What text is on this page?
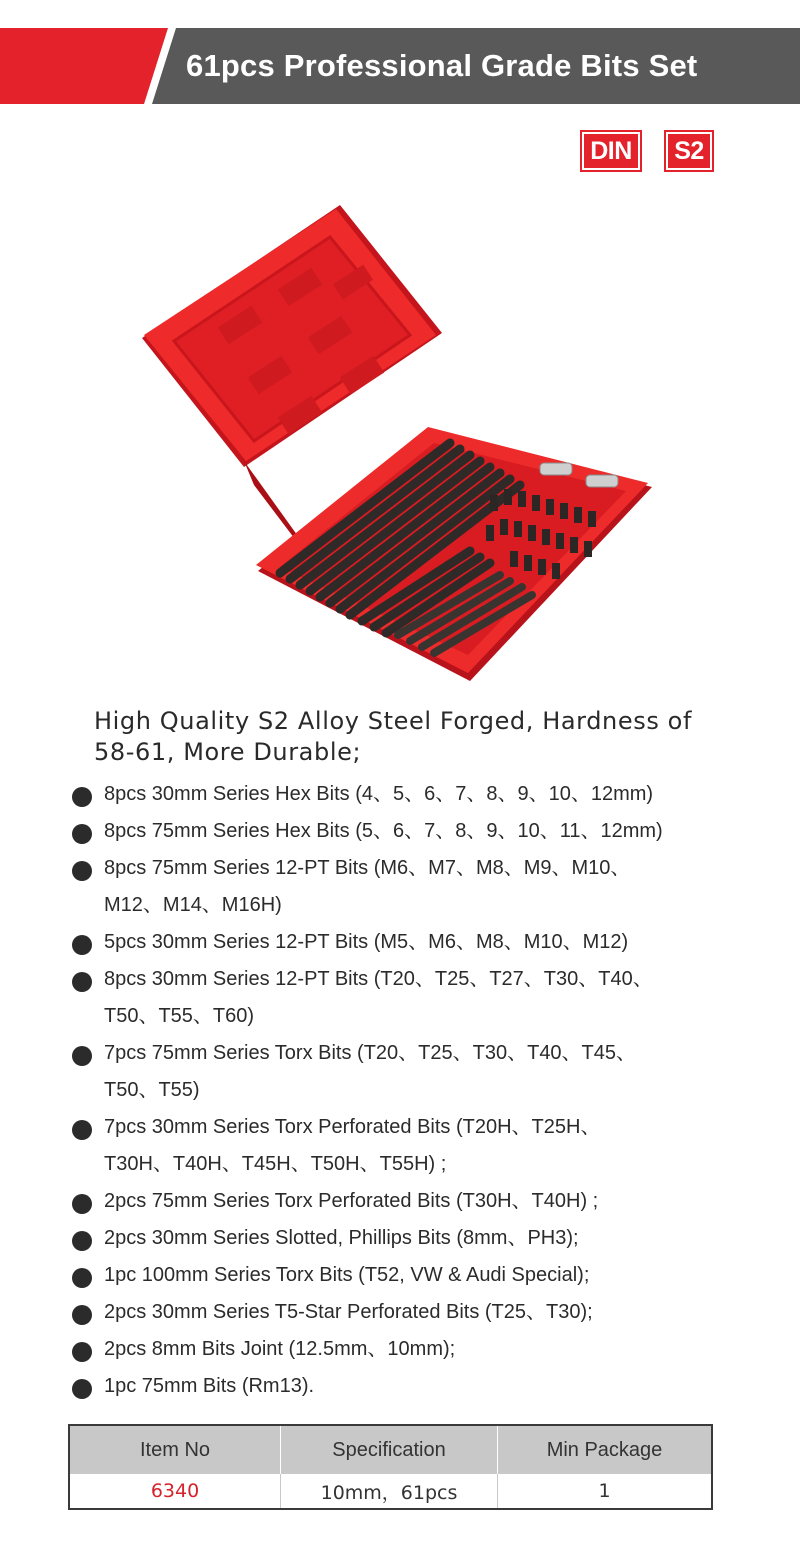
61pcs Professional Grade Bits Set
DIN	S2
High Quality S2 Alloy Steel Forged, Hardness of
58-61, More Durable;
8pcs 30mm Series Hex Bits (4、5、6、7、8、9、10、12mm)
8pcs 75mm Series Hex Bits (5、6、7、8、9、10、11、12mm)
8pcs 75mm Series 12-PT Bits (M6、M7、M8、M9、M10、
M12、M14、M16H)
5pcs 30mm Series 12-PT Bits (M5、M6、M8、M10、M12)
8pcs 30mm Series 12-PT Bits (T20、T25、T27、T30、T40、
T50、T55、T60)
7pcs 75mm Series Torx Bits (T20、T25、T30、T40、T45、
T50、T55)
7pcs 30mm Series Torx Perforated Bits (T20H、T25H、
T30H、T40H、T45H、T50H、T55H) ;
2pcs 75mm Series Torx Perforated Bits (T30H、T40H) ;
2pcs 30mm Series Slotted, Phillips Bits (8mm、PH3);
1pc 100mm Series Torx Bits (T52, VW & Audi Special);
2pcs 30mm Series T5-Star Perforated Bits (T25、T30);
2pcs 8mm Bits Joint (12.5mm、10mm);
1pc 75mm Bits (Rm13).
Item No	Specification	Min Package
6340	10mm，61pcs	1
